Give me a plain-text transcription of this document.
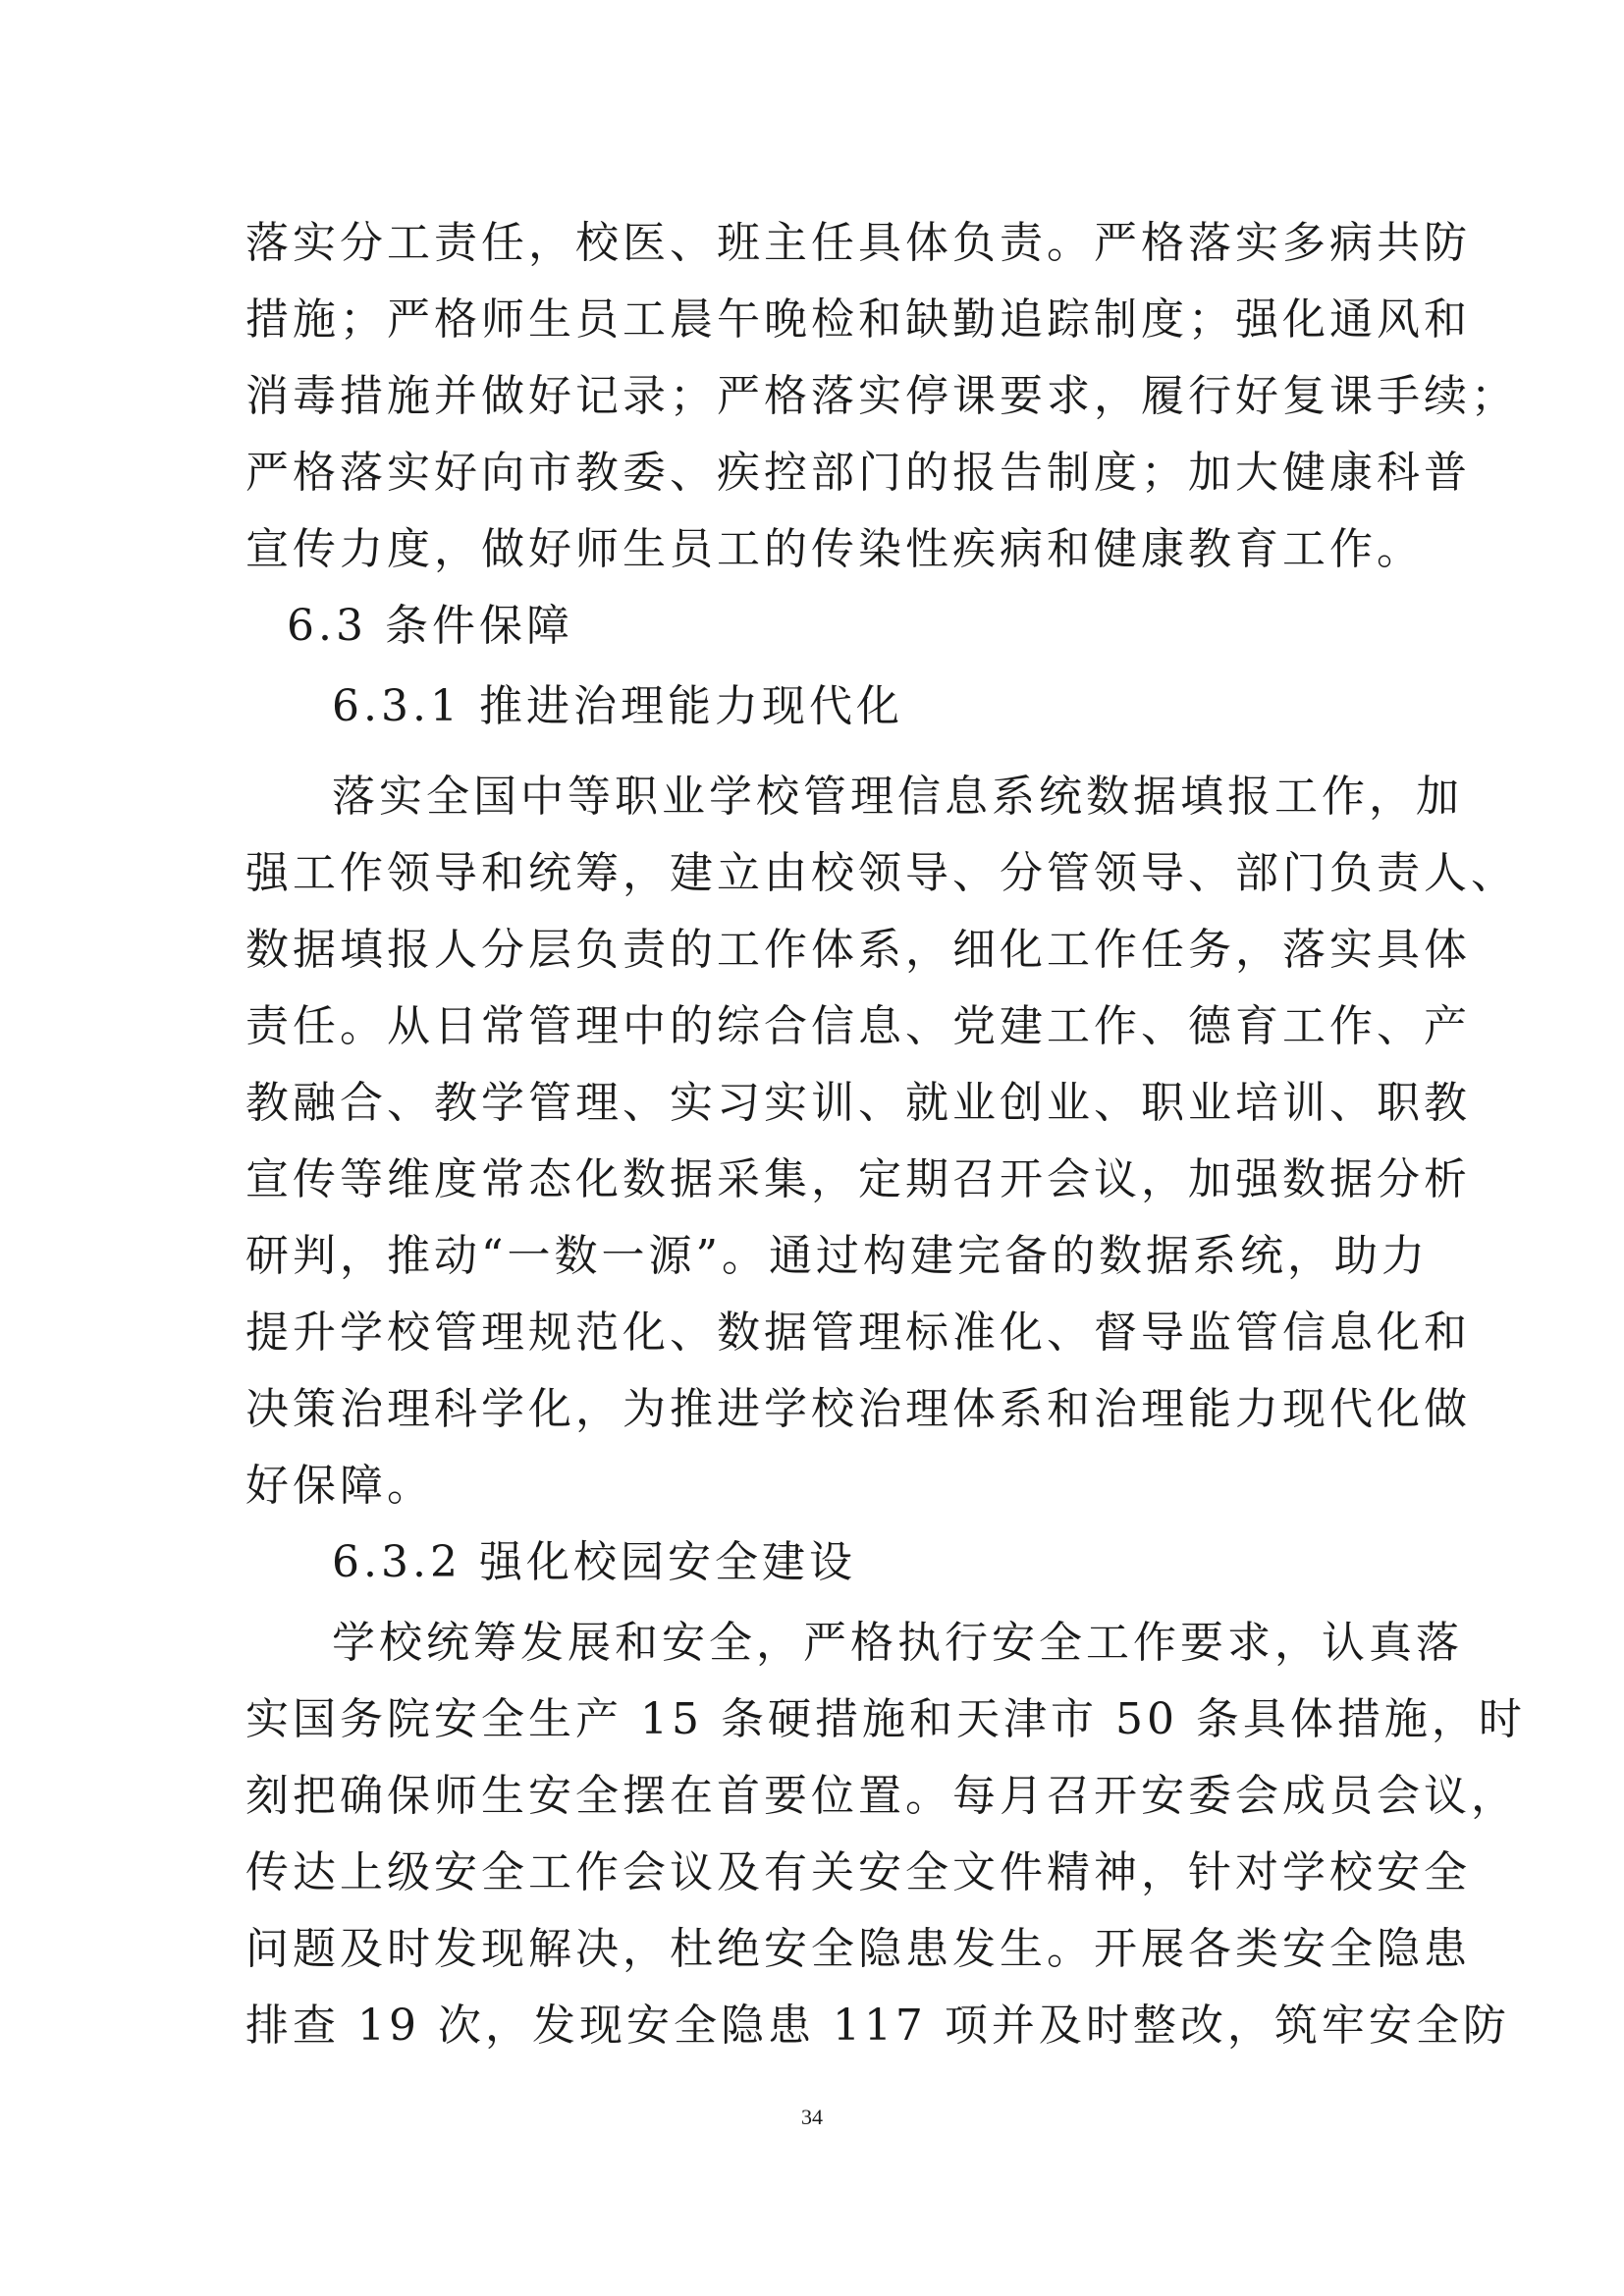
落实分工责任，校医、班主任具体负责。严格落实多病共防
措施；严格师生员工晨午晚检和缺勤追踪制度；强化通风和
消毒措施并做好记录；严格落实停课要求，履行好复课手续；
严格落实好向市教委、疾控部门的报告制度；加大健康科普
宣传力度，做好师生员工的传染性疾病和健康教育工作。
6.3 条件保障
6.3.1 推进治理能力现代化
落实全国中等职业学校管理信息系统数据填报工作，加
强工作领导和统筹，建立由校领导、分管领导、部门负责人、
数据填报人分层负责的工作体系，细化工作任务，落实具体
责任。从日常管理中的综合信息、党建工作、德育工作、产
教融合、教学管理、实习实训、就业创业、职业培训、职教
宣传等维度常态化数据采集，定期召开会议，加强数据分析
研判，推动“一数一源”。通过构建完备的数据系统，助力
提升学校管理规范化、数据管理标准化、督导监管信息化和
决策治理科学化，为推进学校治理体系和治理能力现代化做
好保障。
6.3.2 强化校园安全建设
学校统筹发展和安全，严格执行安全工作要求，认真落
实国务院安全生产 15 条硬措施和天津市 50 条具体措施，时
刻把确保师生安全摆在首要位置。每月召开安委会成员会议，
传达上级安全工作会议及有关安全文件精神，针对学校安全
问题及时发现解决，杜绝安全隐患发生。开展各类安全隐患
排查 19 次，发现安全隐患 117 项并及时整改，筑牢安全防
34
